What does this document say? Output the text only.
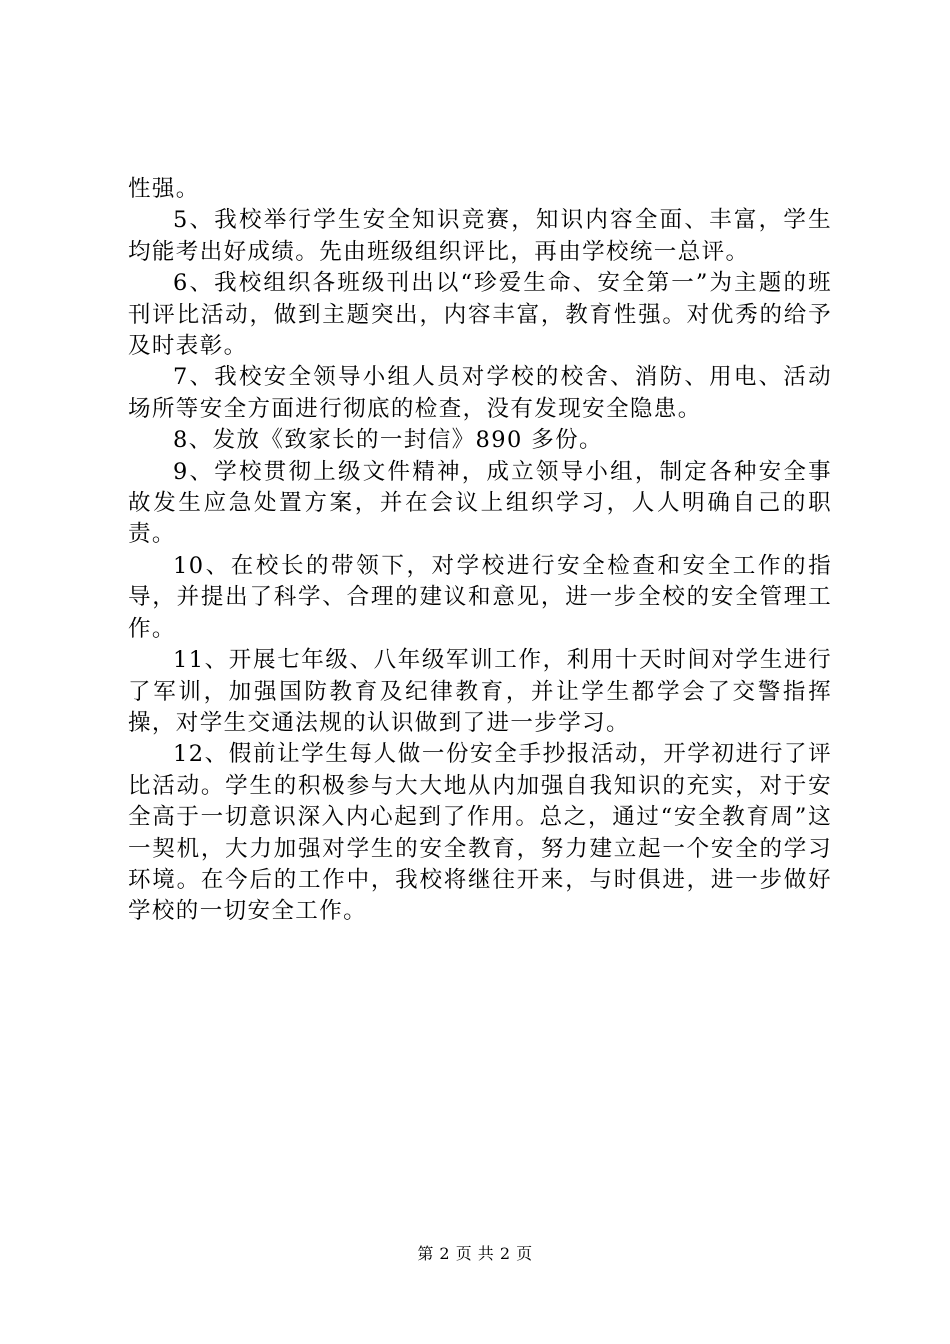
性强。

5、我校举行学生安全知识竞赛，知识内容全面、丰富，学生均能考出好成绩。先由班级组织评比，再由学校统一总评。

6、我校组织各班级刊出以“珍爱生命、安全第一”为主题的班刊评比活动，做到主题突出，内容丰富，教育性强。对优秀的给予及时表彰。

7、我校安全领导小组人员对学校的校舍、消防、用电、活动场所等安全方面进行彻底的检查，没有发现安全隐患。

8、发放《致家长的一封信》890 多份。

9、学校贯彻上级文件精神，成立领导小组，制定各种安全事故发生应急处置方案，并在会议上组织学习，人人明确自己的职责。

10、在校长的带领下，对学校进行安全检查和安全工作的指导，并提出了科学、合理的建议和意见，进一步全校的安全管理工作。

11、开展七年级、八年级军训工作，利用十天时间对学生进行了军训，加强国防教育及纪律教育，并让学生都学会了交警指挥操，对学生交通法规的认识做到了进一步学习。

12、假前让学生每人做一份安全手抄报活动，开学初进行了评比活动。学生的积极参与大大地从内加强自我知识的充实，对于安全高于一切意识深入内心起到了作用。总之，通过“安全教育周”这一契机，大力加强对学生的安全教育，努力建立起一个安全的学习环境。在今后的工作中，我校将继往开来，与时俱进，进一步做好学校的一切安全工作。

第 2 页 共 2 页
